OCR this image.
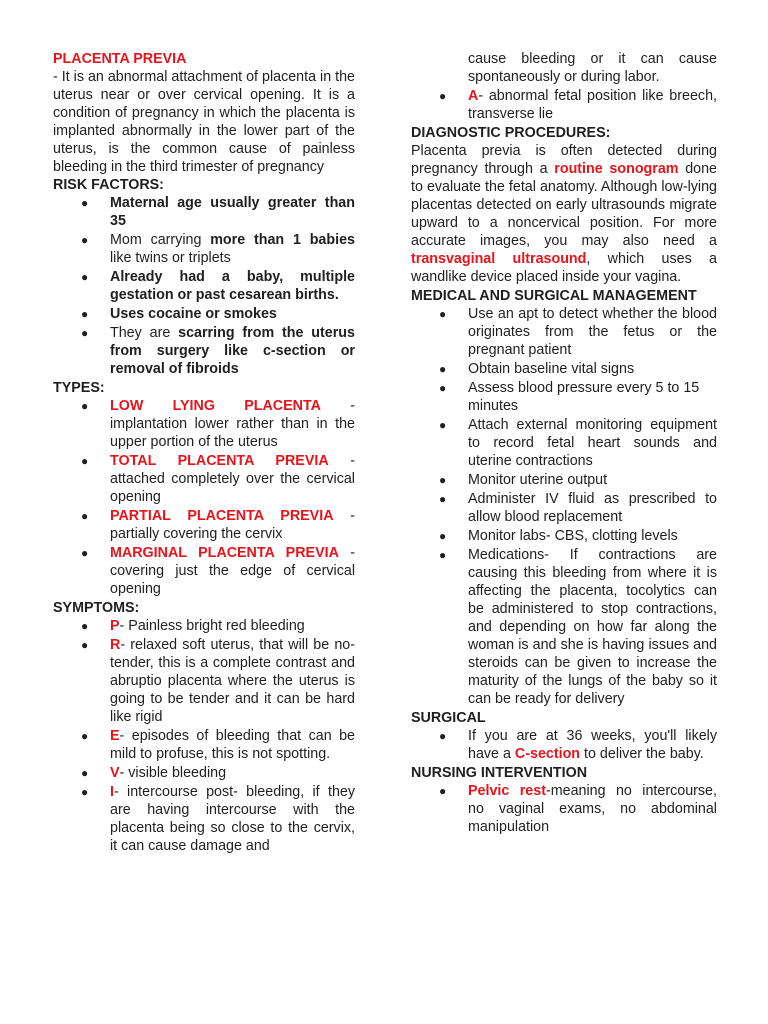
PLACENTA PREVIA

- It is an abnormal attachment of placenta in the uterus near or over cervical opening. It is a condition of pregnancy in which the placenta is implanted abnormally in the lower part of the uterus, is the common cause of painless bleeding in the third trimester of pregnancy

RISK FACTORS:

● Maternal age usually greater than 35
● Mom carrying more than 1 babies like twins or triplets
● Already had a baby, multiple gestation or past cesarean births.
● Uses cocaine or smokes
● They are scarring from the uterus from surgery like c-section or removal of fibroids

TYPES:

● LOW LYING PLACENTA - implantation lower rather than in the upper portion of the uterus
● TOTAL PLACENTA PREVIA - attached completely over the cervical opening
● PARTIAL PLACENTA PREVIA - partially covering the cervix
● MARGINAL PLACENTA PREVIA - covering just the edge of cervical opening

SYMPTOMS:

● P- Painless bright red bleeding
● R- relaxed soft uterus, that will be no- tender, this is a complete contrast and abruptio placenta where the uterus is going to be tender and it can be hard like rigid
● E- episodes of bleeding that can be mild to profuse, this is not spotting.
● V- visible bleeding
● I- intercourse post- bleeding, if they are having intercourse with the placenta being so close to the cervix, it can cause damage and

cause bleeding or it can cause spontaneously or during labor.

● A- abnormal fetal position like breech, transverse lie

DIAGNOSTIC PROCEDURES:

Placenta previa is often detected during pregnancy through a routine sonogram done to evaluate the fetal anatomy. Although low-lying placentas detected on early ultrasounds migrate upward to a noncervical position. For more accurate images, you may also need a transvaginal ultrasound, which uses a wandlike device placed inside your vagina.

MEDICAL AND SURGICAL MANAGEMENT

● Use an apt to detect whether the blood originates from the fetus or the pregnant patient
● Obtain baseline vital signs
● Assess blood pressure every 5 to 15 minutes
● Attach external monitoring equipment to record fetal heart sounds and uterine contractions
● Monitor uterine output
● Administer IV fluid as prescribed to allow blood replacement
● Monitor labs- CBS, clotting levels
● Medications- If contractions are causing this bleeding from where it is affecting the placenta, tocolytics can be administered to stop contractions, and depending on how far along the woman is and she is having issues and steroids can be given to increase the maturity of the lungs of the baby so it can be ready for delivery

SURGICAL

● If you are at 36 weeks, you'll likely have a C-section to deliver the baby.

NURSING INTERVENTION

● Pelvic rest-meaning no intercourse, no vaginal exams, no abdominal manipulation
